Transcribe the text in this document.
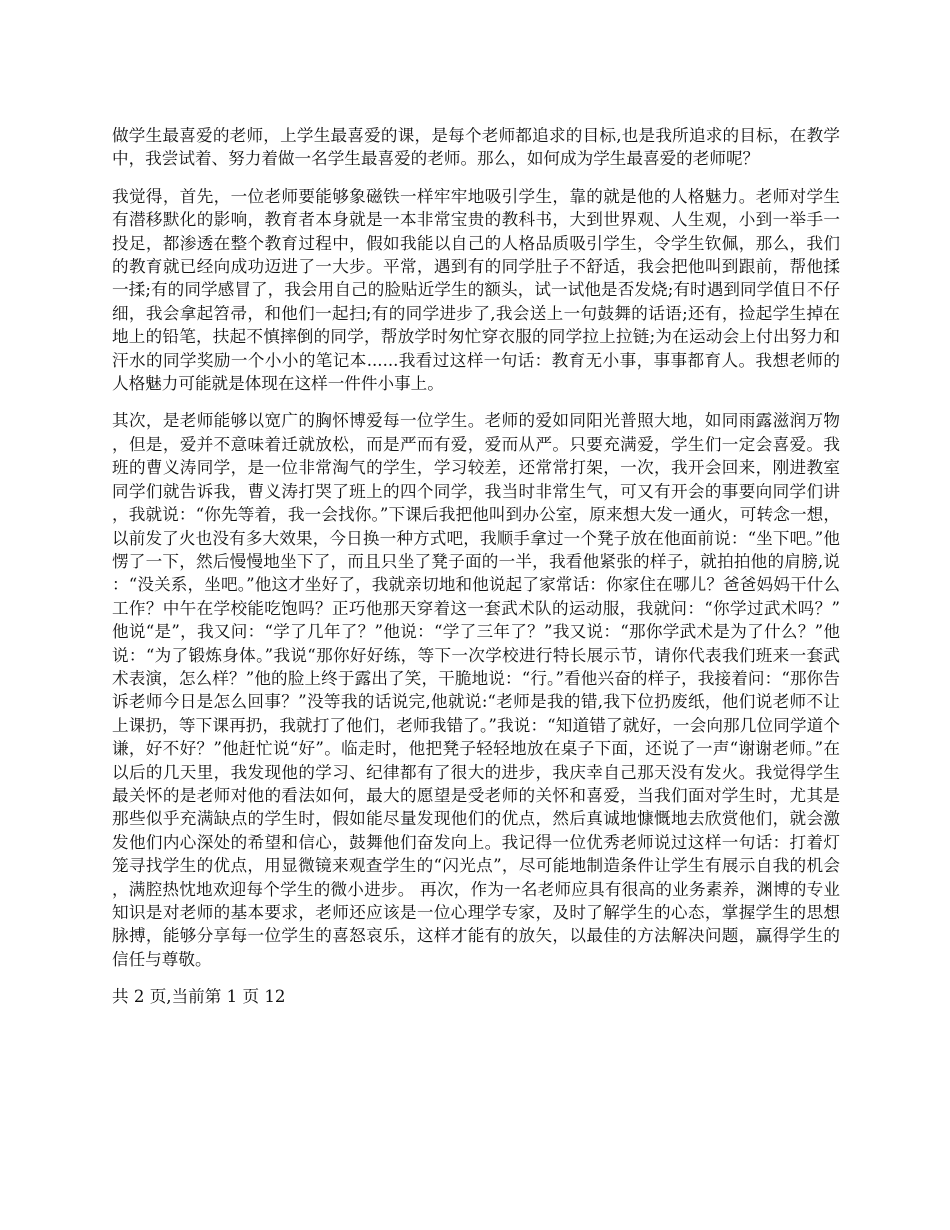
做学生最喜爱的老师，上学生最喜爱的课，是每个老师都追求的目标,也是我所追求的目标，在教学中，我尝试着、努力着做一名学生最喜爱的老师。那么，如何成为学生最喜爱的老师呢？

我觉得，首先，一位老师要能够象磁铁一样牢牢地吸引学生，靠的就是他的人格魅力。老师对学生有潜移默化的影响，教育者本身就是一本非常宝贵的教科书，大到世界观、人生观，小到一举手一投足，都渗透在整个教育过程中，假如我能以自己的人格品质吸引学生，令学生钦佩，那么，我们的教育就已经向成功迈进了一大步。平常，遇到有的同学肚子不舒适，我会把他叫到跟前，帮他揉一揉;有的同学感冒了，我会用自己的脸贴近学生的额头，试一试他是否发烧;有时遇到同学值日不仔细，我会拿起笤帚，和他们一起扫;有的同学进步了,我会送上一句鼓舞的话语;还有，捡起学生掉在地上的铅笔，扶起不慎摔倒的同学，帮放学时匆忙穿衣服的同学拉上拉链;为在运动会上付出努力和汗水的同学奖励一个小小的笔记本......我看过这样一句话：教育无小事，事事都育人。我想老师的人格魅力可能就是体现在这样一件件小事上。

其次，是老师能够以宽广的胸怀博爱每一位学生。老师的爱如同阳光普照大地，如同雨露滋润万物，但是，爱并不意味着迁就放松，而是严而有爱，爱而从严。只要充满爱，学生们一定会喜爱。我班的曹义涛同学，是一位非常淘气的学生，学习较差，还常常打架，一次，我开会回来，刚进教室同学们就告诉我，曹义涛打哭了班上的四个同学，我当时非常生气，可又有开会的事要向同学们讲，我就说：“你先等着，我一会找你。”下课后我把他叫到办公室，原来想大发一通火，可转念一想，以前发了火也没有多大效果，今日换一种方式吧，我顺手拿过一个凳子放在他面前说：“坐下吧。”他愣了一下，然后慢慢地坐下了，而且只坐了凳子面的一半，我看他紧张的样子，就拍拍他的肩膀,说：“没关系，坐吧。”他这才坐好了，我就亲切地和他说起了家常话：你家住在哪儿？爸爸妈妈干什么工作？中午在学校能吃饱吗？正巧他那天穿着这一套武术队的运动服，我就问：“你学过武术吗？”他说“是”，我又问：“学了几年了？”他说：“学了三年了？”我又说：“那你学武术是为了什么？”他说：“为了锻炼身体。”我说“那你好好练，等下一次学校进行特长展示节，请你代表我们班来一套武术表演，怎么样？”他的脸上终于露出了笑，干脆地说：“行。”看他兴奋的样子，我接着问：“那你告诉老师今日是怎么回事？”没等我的话说完,他就说:“老师是我的错,我下位扔废纸，他们说老师不让上课扔，等下课再扔，我就打了他们，老师我错了。”我说：“知道错了就好，一会向那几位同学道个谦，好不好？”他赶忙说“好”。临走时，他把凳子轻轻地放在桌子下面，还说了一声“谢谢老师。”在以后的几天里，我发现他的学习、纪律都有了很大的进步，我庆幸自己那天没有发火。我觉得学生最关怀的是老师对他的看法如何，最大的愿望是受老师的关怀和喜爱，当我们面对学生时，尤其是那些似乎充满缺点的学生时，假如能尽量发现他们的优点，然后真诚地慷慨地去欣赏他们，就会激发他们内心深处的希望和信心，鼓舞他们奋发向上。我记得一位优秀老师说过这样一句话：打着灯笼寻找学生的优点，用显微镜来观查学生的“闪光点”，尽可能地制造条件让学生有展示自我的机会，满腔热忱地欢迎每个学生的微小进步。 再次，作为一名老师应具有很高的业务素养，渊博的专业知识是对老师的基本要求，老师还应该是一位心理学专家，及时了解学生的心态，掌握学生的思想脉搏，能够分享每一位学生的喜怒哀乐，这样才能有的放矢，以最佳的方法解决问题，赢得学生的信任与尊敬。

共 2 页,当前第 1 页 12
